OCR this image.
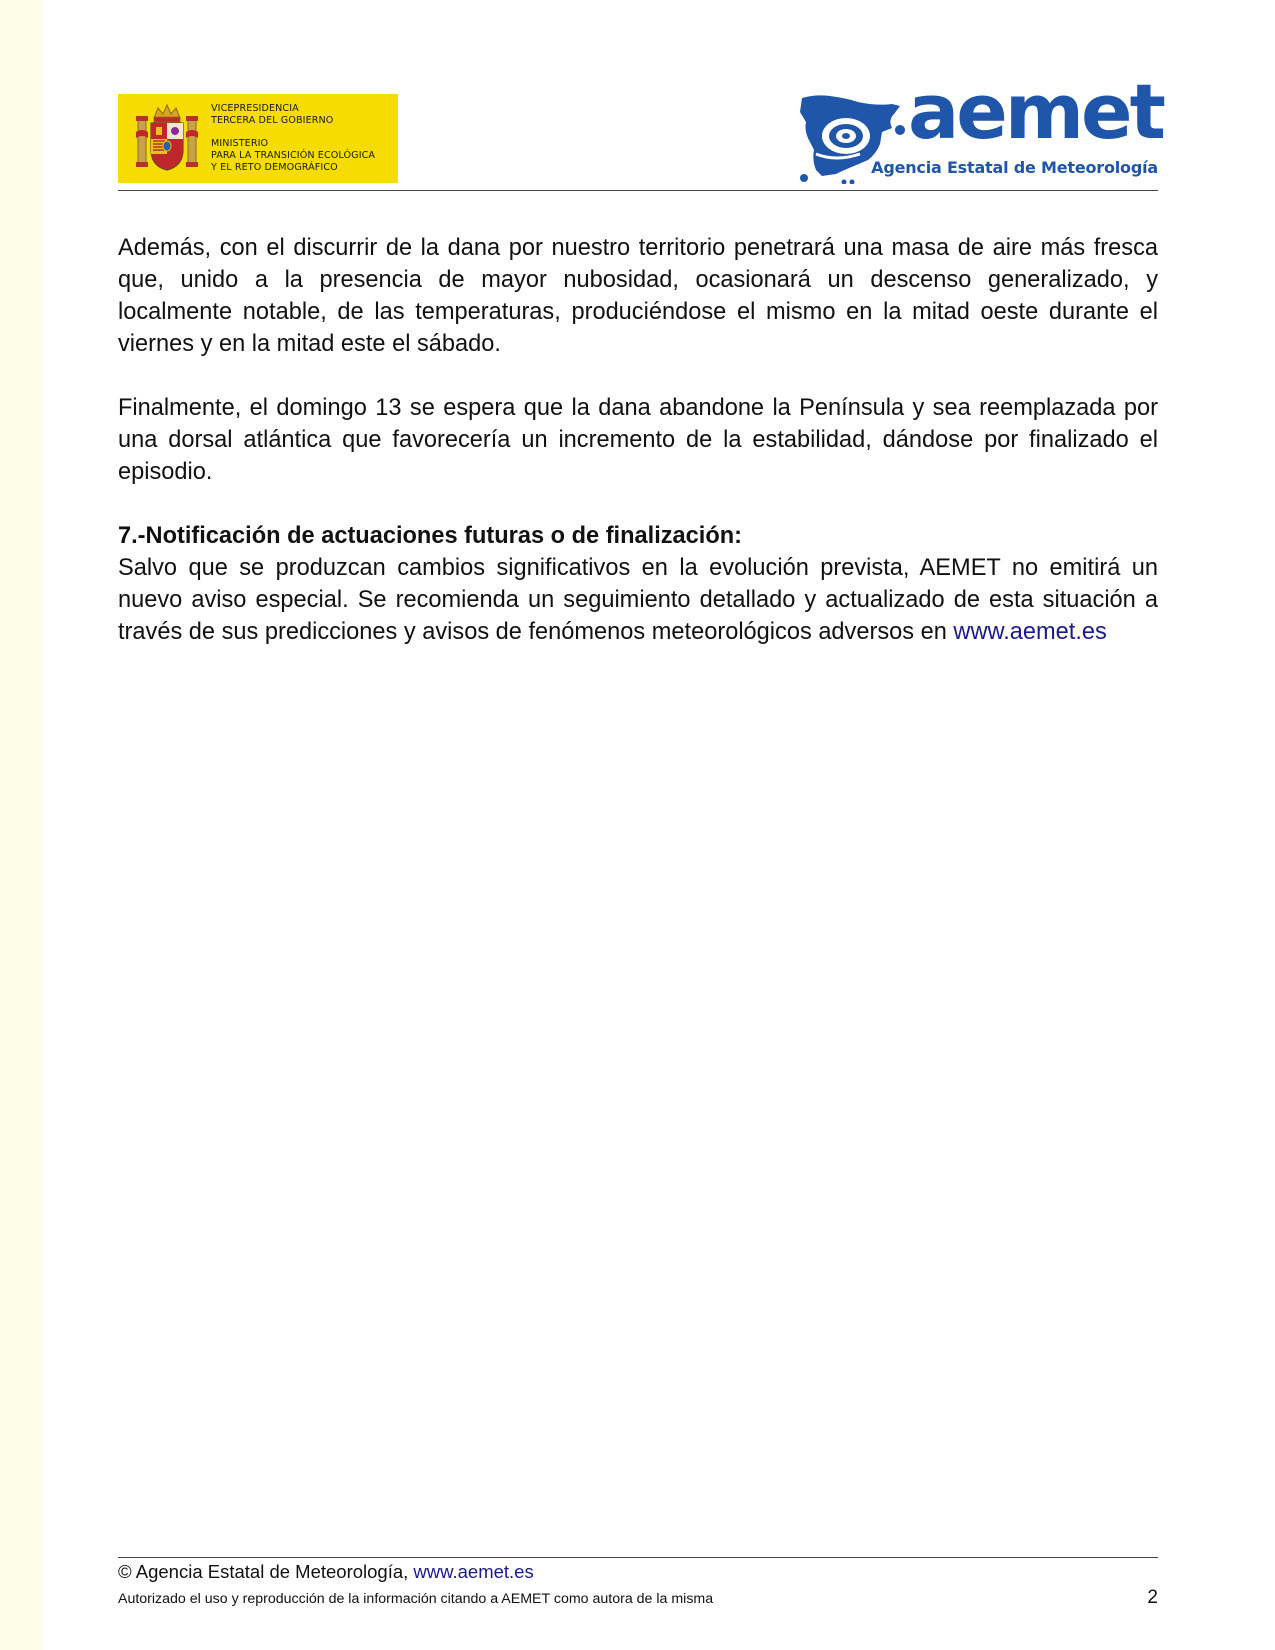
VICEPRESIDENCIA
TERCERA DEL GOBIERNO
MINISTERIO
PARA LA TRANSICIÓN ECOLÓGICA
Y EL RETO DEMOGRÁFICO
aemet
Agencia Estatal de Meteorología

Además, con el discurrir de la dana por nuestro territorio penetrará una masa de aire más fresca que, unido a la presencia de mayor nubosidad, ocasionará un descenso generalizado, y localmente notable, de las temperaturas, produciéndose el mismo en la mitad oeste durante el viernes y en la mitad este el sábado.

Finalmente, el domingo 13 se espera que la dana abandone la Península y sea reemplazada por una dorsal atlántica que favorecería un incremento de la estabilidad, dándose por finalizado el episodio.

7.-Notificación de actuaciones futuras o de finalización:

Salvo que se produzcan cambios significativos en la evolución prevista, AEMET no emitirá un nuevo aviso especial. Se recomienda un seguimiento detallado y actualizado de esta situación a través de sus predicciones y avisos de fenómenos meteorológicos adversos en www.aemet.es

© Agencia Estatal de Meteorología, www.aemet.es
Autorizado el uso y reproducción de la información citando a AEMET como autora de la misma	2
